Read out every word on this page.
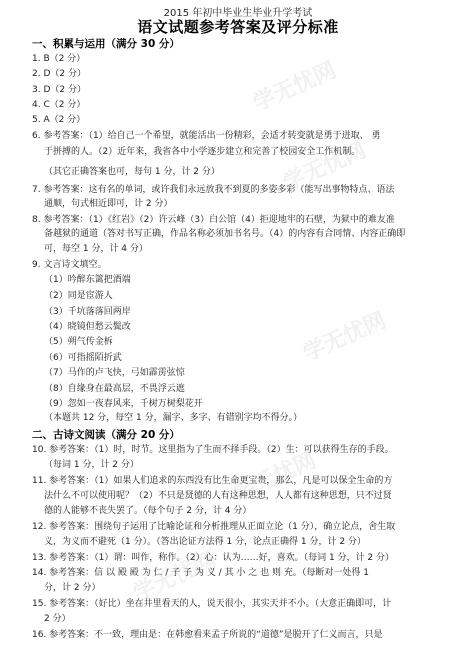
学无忧网
学无忧网
学无忧网
学无忧网
学无忧网
2015 年初中毕业生毕业升学考试
语文试题参考答案及评分标准
一、积累与运用（满分 30 分）
1. B（2 分）
2. D（2 分）
3. D（2 分）
4. C（2 分）
5. A（2 分）
6. 参考答案：（1）给自己一个希望，就能活出一份精彩，会适才转变就是勇于进取、 勇
于拼搏的人。（2）近年来，我省各中小学逐步建立和完善了校园安全工作机制。
（其它正确答案也可，每句 1 分，计 2 分）
7. 参考答案：这有名的单词，或许我们永远放我不到夏的多姿多彩（能写出事物特点、语法
通顺，句式相近即可，计 2 分）
8. 参考答案：（1）《红岩》（2）许云峰（3）白公馆（4）拒迎地牢的石壁，为狱中的难友准
备越狱的通道（答对书写正确，作品名称必须加书名号。（4）的内容有合同情、内容正确即
可，每空 1 分，计 4 分）
9. 文言诗文填空。
（1）吟醉东篱把酒端
（2）同是宦游人
（3）千坑落落回两岸
（4）晓镜但愁云鬓改
（5）朔气传金柝
（6）可指摇陌折武
（7）马作的卢飞快，弓如霹雳弦惊
（8）自缘身在最高层，不畏浮云遮
（9）忽如一夜春风来，千树万树梨花开
（本题共 12 分，每空 1 分，漏字、多字、有错别字均不得分。）
二、古诗文阅读（满分 20 分）
10. 参考答案：（1）时，时节。这里指为了生而不择手段。（2）生：可以获得生存的手段。
（每词 1 分，计 2 分）
11. 参考答案：（1）如果人们追求的东西没有比生命更宝贵，那么，凡是可以保全生命的方
法什么不可以使用呢？（2）不只是贤德的人有这种思想，人人都有这种思想，只不过贤
德的人能够不丧失罢了。（每个句子 2 分，计 4 分）
12. 参考答案：围绕句子运用了比喻论证和分析推理从正面立论（1 分），确立论点，舍生取
义，为义而不避死（1 分）。（答出论证方法得 1 分，论点正确得 1 分，计 2 分）
13. 参考答案：（1）谓：叫作，称作。（2）心：认为……好，喜欢。（每词 1 分，计 2 分）
14. 参考答案：信 以 殿 殿 为 仁 / 子 子 为 义 / 其 小 之 也 则 充。（每断对一处得 1
分，计 2 分）
15. 参考答案：（好比）坐在井里看天的人，说天很小，其实天并不小。（大意正确即可，计
2 分）
16. 参考答案：不一致，理由是：在韩愈看来孟子所说的“道德”是脱开了仁义而言，只是
